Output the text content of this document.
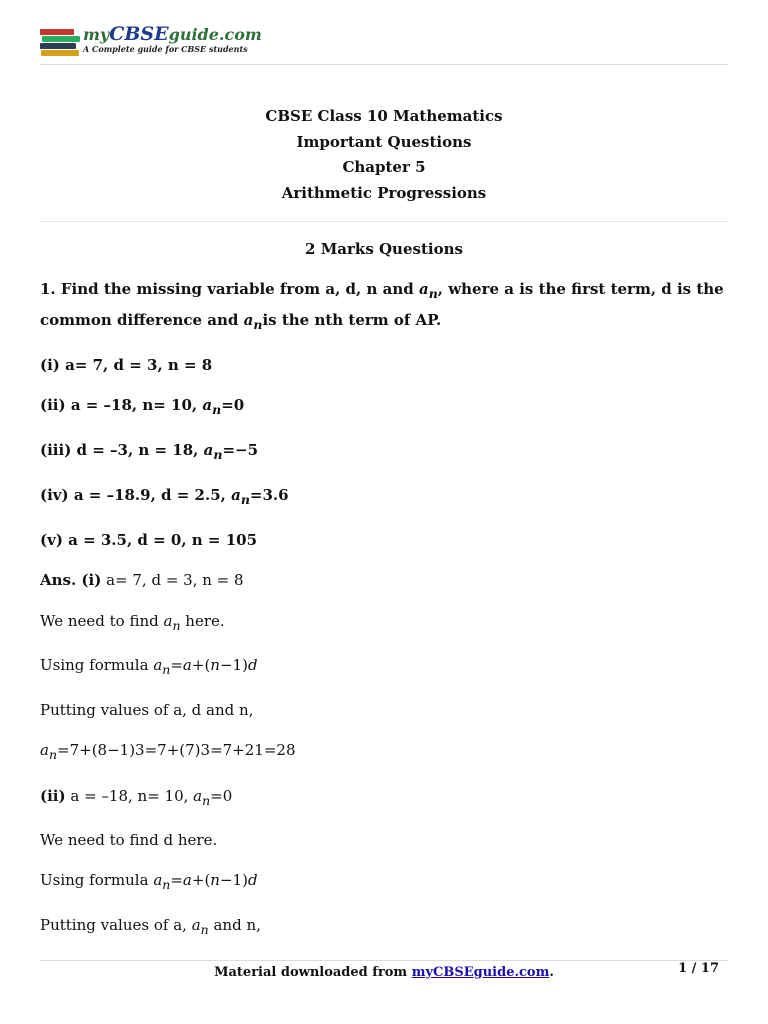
myCBSEguide.com
A Complete guide for CBSE students
CBSE Class 10 Mathematics
Important Questions
Chapter 5
Arithmetic Progressions
2 Marks Questions
1. Find the missing variable from a, d, n and $a_n$, where a is the first term, d is the
common difference and $a_nis$ the nth term of AP.
(i) a= 7, d = 3, n = 8
(ii) a = –18, n= 10, $a_n=0$
(iii) d = –3, n = 18, $a_n=-5$
(iv) a = –18.9, d = 2.5, $a_n=3.6$
(v) a = 3.5, d = 0, n = 105
Ans. (i) a= 7, d = 3, n = 8
We need to find $a_n$ here.
Using formula $a_n=a+(n-1)d$
Putting values of a, d and n,
$a_n=7+(8-1)3=7+(7)3=7+21=28$
(ii) a = –18, n= 10, $a_n=0$
We need to find d here.
Using formula $a_n=a+(n-1)d$
Putting values of a, $a_n$ and n,
Material downloaded from myCBSEguide.com.	1 / 17
